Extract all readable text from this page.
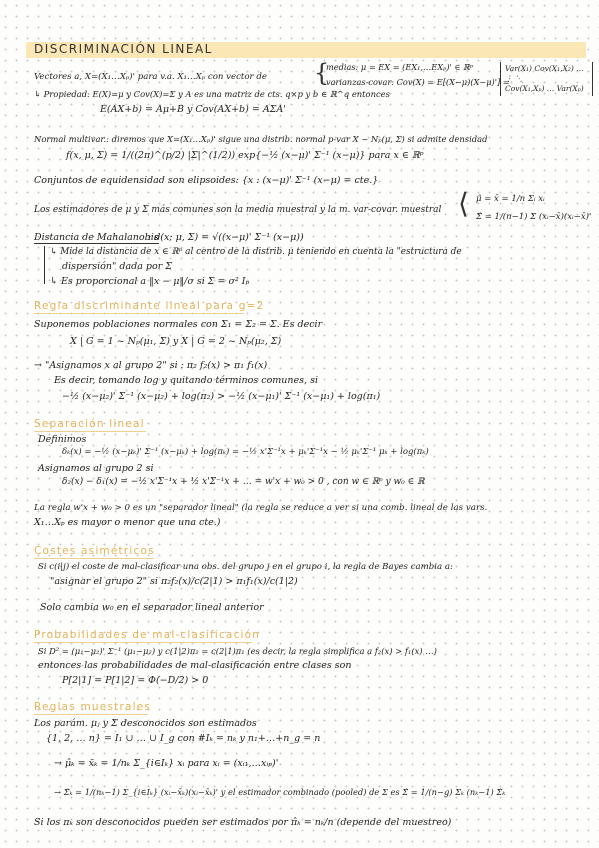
DISCRIMINACIÓN LINEAL
Vectores a, X=(X₁…Xₚ)' para v.a. X₁…Xₚ con vector de {
medias: μ = EX = (EX₁,…EXₚ)' ∈ ℝᵖ
varianzas-covar: Cov(X) = E[(X−μ)(X−μ)'] =
Var(X₁) Cov(X₁,X₂) …
⋮ ⋱
Cov(X₁,Xₚ) … Var(Xₚ)
↳ Propiedad: E(X)=μ y Cov(X)=Σ y A es una matriz de cts. q×p y b ∈ ℝ^q entonces
E(AX+b) = Aμ+B y Cov(AX+b) = AΣA'
Normal multivar.: diremos que X=(X₁…Xₚ)' sigue una distrib. normal p-var X ~ Nₚ(μ, Σ) si admite densidad
f(x, μ, Σ) = 1/((2π)^(p/2) |Σ|^(1/2)) exp{−½ (x−μ)' Σ⁻¹ (x−μ)} para x ∈ ℝᵖ
Conjuntos de equidensidad son elipsoides: {x : (x−μ)' Σ⁻¹ (x−μ) = cte.}
Los estimadores de μ y Σ más comunes son la media muestral y la m. var-covar. muestral ⟨ μ̂ = x̄ = 1/n Σᵢ xᵢ
Σ̂ = 1/(n−1) Σ (xᵢ−x̄)(xᵢ−x̄)'
Distancia de Mahalanobis
: d(x; μ, Σ) = √((x−μ)' Σ⁻¹ (x−μ))
↳ Mide la distancia de x ∈ ℝᵖ al centro de la distrib. μ teniendo en cuenta la "estructura de
dispersión" dada por Σ
↳ Es proporcional a ‖x − μ‖/σ si Σ = σ² Iₚ
Regla discriminante lineal para g=2
Suponemos poblaciones normales con Σ₁ = Σ₂ = Σ. Es decir
X | G = 1 ~ Nₚ(μ₁, Σ) y X | G = 2 ~ Nₚ(μ₂, Σ)
→ "Asignamos x al grupo 2" si : π₂ f₂(x) > π₁ f₁(x)
Es decir, tomando log y quitando términos comunes, si
−½ (x−μ₂)' Σ⁻¹ (x−μ₂) + log(π₂) > −½ (x−μ₁)' Σ⁻¹ (x−μ₁) + log(π₁)
Separación lineal
Definimos
δₖ(x) = −½ (x−μₖ)' Σ⁻¹ (x−μₖ) + log(πₖ) = −½ x'Σ⁻¹x + μₖ'Σ⁻¹x − ½ μₖ'Σ⁻¹ μₖ + log(πₖ)
Asignamos al grupo 2 si
δ₂(x) − δ₁(x) = −½ x'Σ⁻¹x + ½ x'Σ⁻¹x + … = w'x + w₀ > 0 , con w ∈ ℝᵖ y w₀ ∈ ℝ
La regla w'x + w₀ > 0 es un "separador lineal" (la regla se reduce a ver si una comb. lineal de las vars.
X₁…Xₚ es mayor o menor que una cte.)
Costes asimétricos
Si c(i|j) el coste de mal-clasificar una obs. del grupo j en el grupo i, la regla de Bayes cambia a:
"asignar el grupo 2" si π₂f₂(x)/c(2|1) > π₁f₁(x)/c(1|2)
Solo cambia w₀ en el separador lineal anterior
Probabilidades de mal-clasificación
Si D² = (μ₁−μ₂)' Σ⁻¹ (μ₁−μ₂) y c(1|2)π₂ = c(2|1)π₁ (es decir, la regla simplifica a f₂(x) > f₁(x) …)
entonces las probabilidades de mal-clasificación entre clases son
P[2|1] = P[1|2] = Φ(−D/2) > 0
Reglas muestrales
Los parám. μⱼ y Σ desconocidos son estimados
{1, 2, … n} = I₁ ∪ … ∪ I_g con #Iₖ = nₖ y n₁+…+n_g = n
→ μ̂ₖ = x̄ₖ = 1/nₖ Σ_{i∈Iₖ} xᵢ para xᵢ = (xᵢ₁,…xᵢₚ)'
→ Σ̂ₖ = 1/(nₖ−1) Σ_{i∈Iₖ} (xᵢ−x̄ₖ)(xᵢ−x̄ₖ)' y el estimador combinado (pooled) de Σ es Σ̂ = 1/(n−g) Σₖ (nₖ−1) Σ̂ₖ
Si los πₖ son desconocidos pueden ser estimados por π̂ₖ = nₖ/n (depende del muestreo)
